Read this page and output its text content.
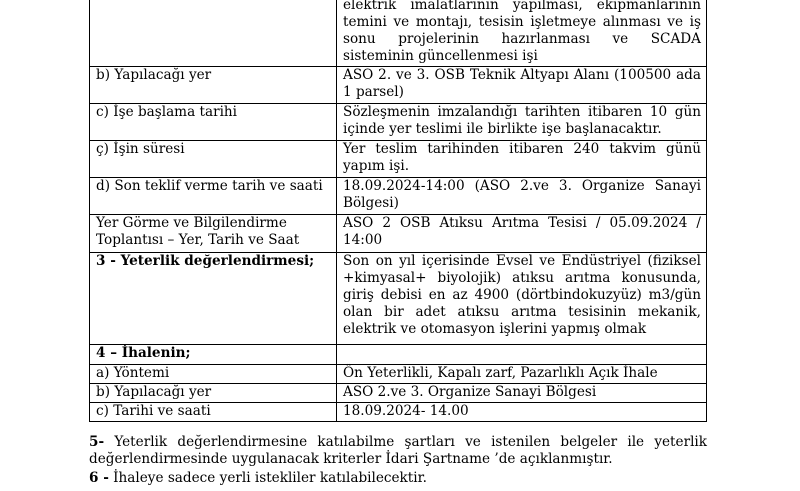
	elektrik imalatlarının yapılması, ekipmanlarının
temini ve montajı, tesisin işletmeye alınması ve iş
sonu projelerinin hazırlanması ve SCADA
sisteminin güncellenmesi işi

b) Yapılacağı yer	ASO 2. ve 3. OSB Teknik Altyapı Alanı (100500 ada 1 parsel)
c) İşe başlama tarihi	Sözleşmenin imzalandığı tarihten itibaren 10 gün içinde yer teslimi ile birlikte işe başlanacaktır.
ç) İşin süresi	Yer teslim tarihinden itibaren 240 takvim günü yapım işi.
d) Son teklif verme tarih ve saati	18.09.2024-14:00 (ASO 2.ve 3. Organize Sanayi Bölgesi)
Yer Görme ve Bilgilendirme Toplantısı – Yer, Tarih ve Saat	ASO 2 OSB Atıksu Arıtma Tesisi / 05.09.2024 / 14:00
3 - Yeterlik değerlendirmesi;	Son on yıl içerisinde Evsel ve Endüstriyel (fiziksel +kimyasal+ biyolojik) atıksu arıtma konusunda, giriş debisi en az 4900 (dörtbindokuzyüz) m3/gün olan bir adet atıksu arıtma tesisinin mekanik, elektrik ve otomasyon işlerini yapmış olmak
4 – İhalenin;	
a) Yöntemi	Ön Yeterlikli, Kapalı zarf, Pazarlıklı Açık İhale
b) Yapılacağı yer	ASO 2.ve 3. Organize Sanayi Bölgesi
c) Tarihi ve saati	18.09.2024- 14.00
5- Yeterlik değerlendirmesine katılabilme şartları ve istenilen belgeler ile yeterlik değerlendirmesinde uygulanacak kriterler İdari Şartname ’de açıklanmıştır.
6 - İhaleye sadece yerli istekliler katılabilecektir.
